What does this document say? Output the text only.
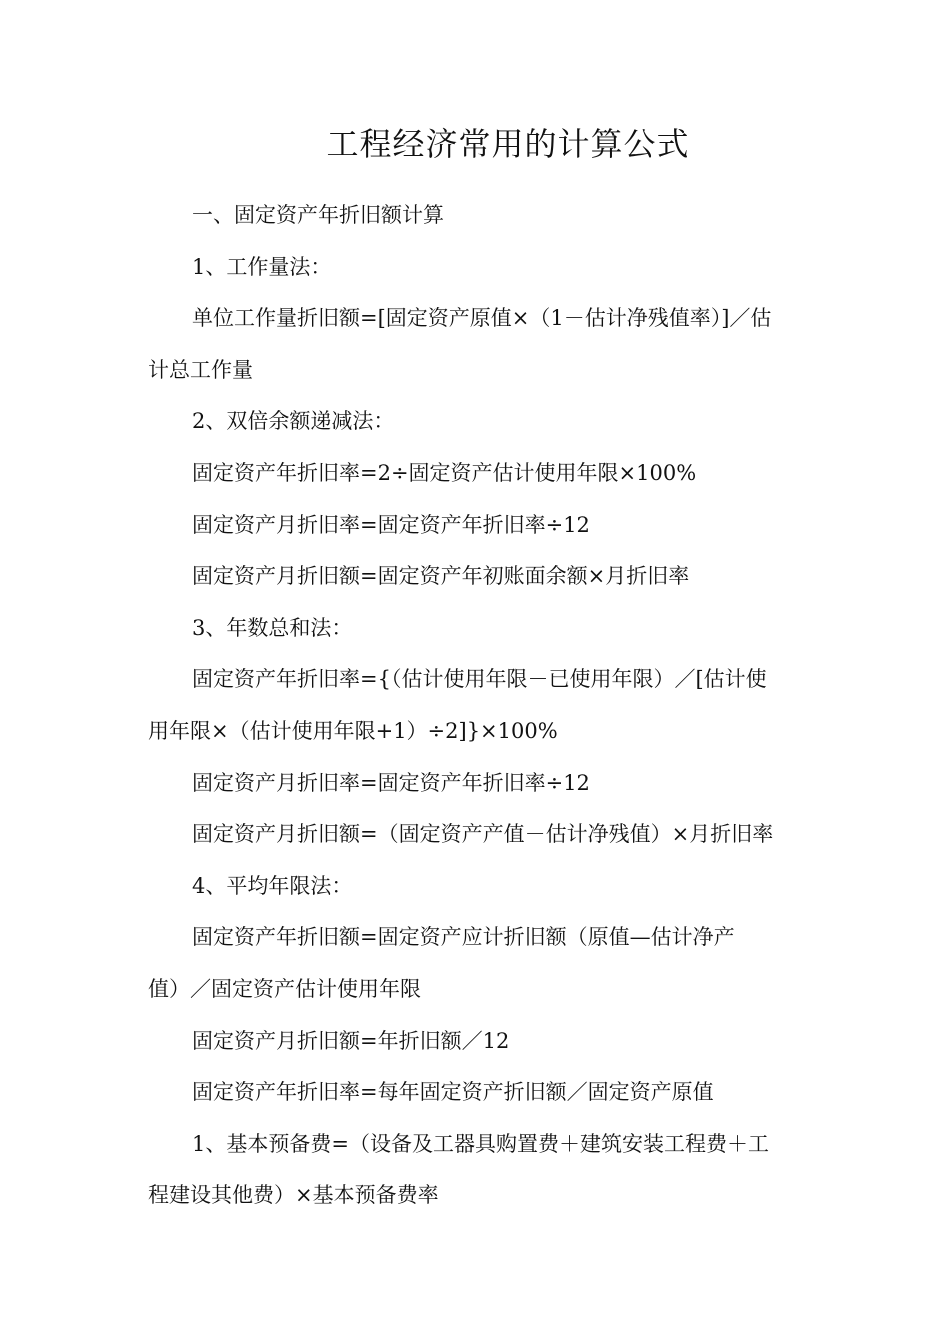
工程经济常用的计算公式

一、固定资产年折旧额计算

1、工作量法：

单位工作量折旧额=[固定资产原值×（1－估计净残值率）]／估

计总工作量

2、双倍余额递减法：

固定资产年折旧率=2÷固定资产估计使用年限×100%

固定资产月折旧率=固定资产年折旧率÷12

固定资产月折旧额=固定资产年初账面余额×月折旧率

3、年数总和法：

固定资产年折旧率={（估计使用年限－已使用年限）／[估计使

用年限×（估计使用年限+1）÷2]}×100%

固定资产月折旧率=固定资产年折旧率÷12

固定资产月折旧额=（固定资产产值－估计净残值）×月折旧率

4、平均年限法：

固定资产年折旧额=固定资产应计折旧额（原值—估计净产

值）／固定资产估计使用年限

固定资产月折旧额=年折旧额／12

固定资产年折旧率=每年固定资产折旧额／固定资产原值

1、基本预备费=（设备及工器具购置费＋建筑安装工程费＋工

程建设其他费）×基本预备费率
